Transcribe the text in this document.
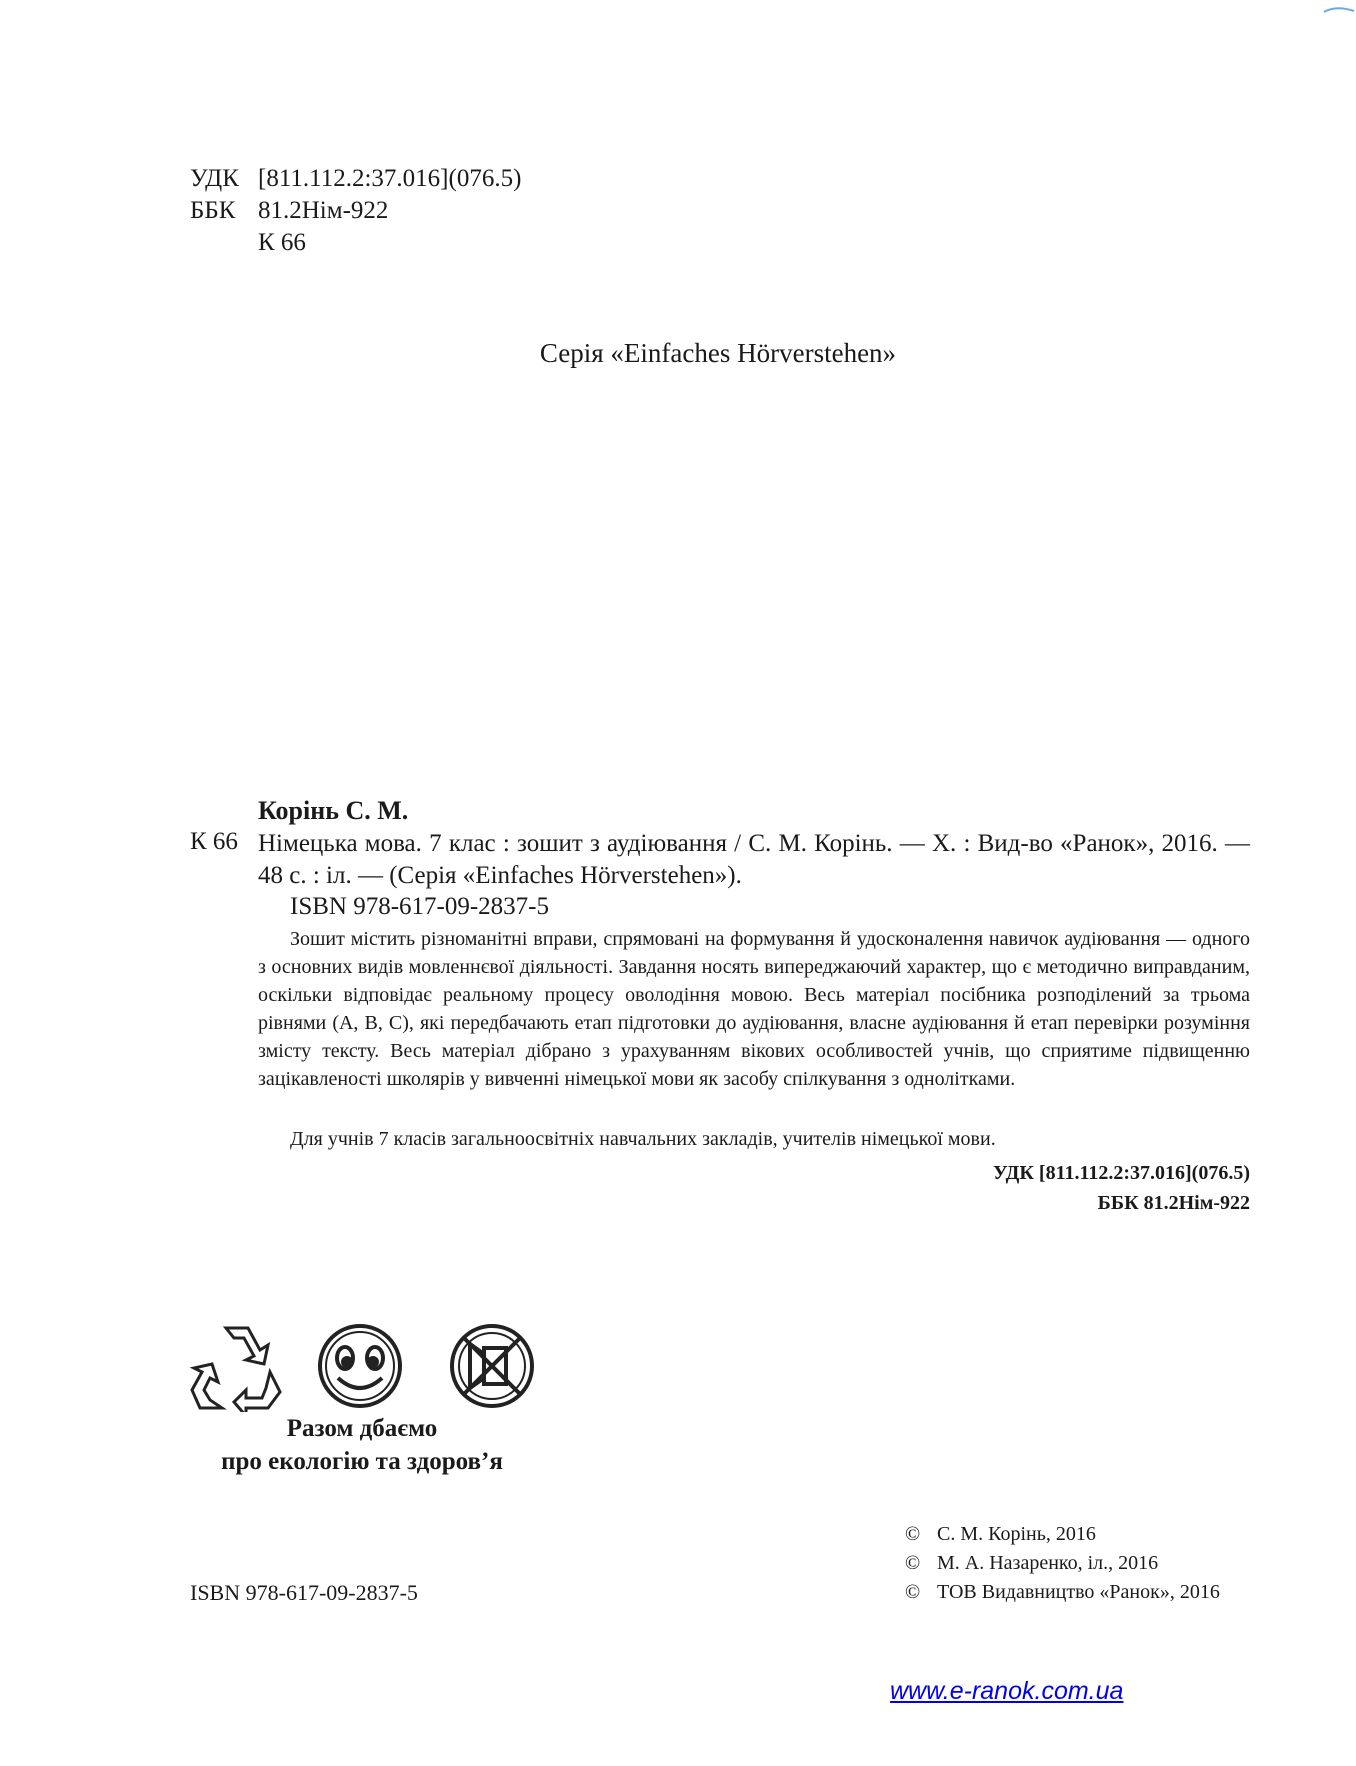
УДК [811.112.2:37.016](076.5)
ББК 81.2Нім-922
К 66
Серія «Einfaches Hörverstehen»
Корінь С. М.
К 66 Німецька мова. 7 клас : зошит з аудіювання / С. М. Корінь. — Х. : Вид-во «Ранок», 2016. — 48 с. : іл. — (Серія «Einfaches Hörverstehen»).
ISBN 978-617-09-2837-5
Зошит містить різноманітні вправи, спрямовані на формування й удосконалення навичок аудіювання — одного з основних видів мовленнєвої діяльності. Завдання носять випереджаючий характер, що є методично виправданим, оскільки відповідає реальному процесу оволодіння мовою. Весь матеріал посібника розподілений за трьома рівнями (А, В, С), які передбачають етап підготовки до аудіювання, власне аудіювання й етап перевірки розуміння змісту тексту. Весь матеріал дібрано з урахуванням вікових особливостей учнів, що сприятиме підвищенню зацікавленості школярів у вивченні німецької мови як засобу спілкування з однолітками.
Для учнів 7 класів загальноосвітніх навчальних закладів, учителів німецької мови.
УДК [811.112.2:37.016](076.5)
ББК 81.2Нім-922
Разом дбаємо
про екологію та здоров’я
© С. М. Корінь, 2016
© М. А. Назаренко, іл., 2016
© ТОВ Видавництво «Ранок», 2016
ISBN 978-617-09-2837-5
www.e-ranok.com.ua
